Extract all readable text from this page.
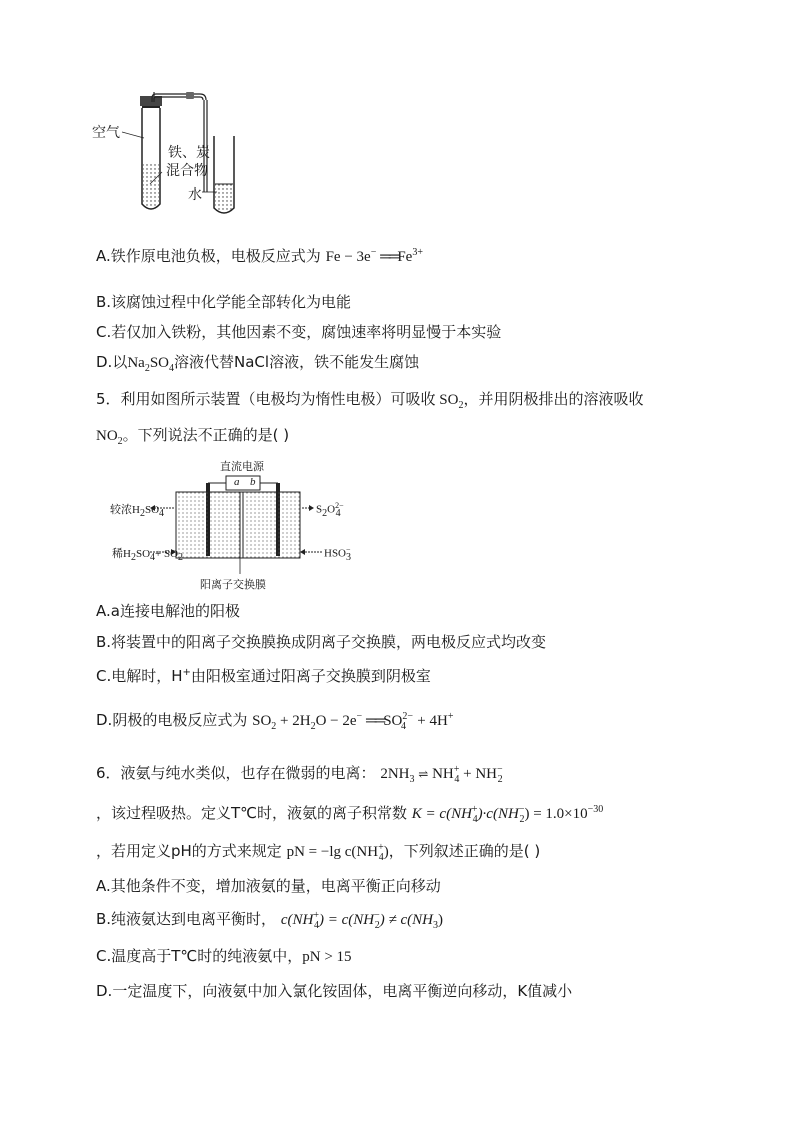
空气
铁、炭
混合物
水
A.铁作原电池负极，电极反应式为 Fe − 3e− $══Fe^{3+}$
B.该腐蚀过程中化学能全部转化为电能
C.若仅加入铁粉，其他因素不变，腐蚀速率将明显慢于本实验
D.以$Na_2SO_4$溶液代替NaCl溶液，铁不能发生腐蚀
5．利用如图所示装置（电极均为惰性电极）可吸收 $SO_2$，并用阴极排出的溶液吸收
$NO_2$。下列说法不正确的是( )
直流电源
a b
较浓$H_2SO_4$
稀$H_2SO_4+ SO_2$
$S_2O^{2-}_4$
$HSO_3^-$
阳离子交换膜
A.a连接电解池的阳极
B.将装置中的阳离子交换膜换成阴离子交换膜，两电极反应式均改变
C.电解时，H+由阳极室通过阳离子交换膜到阴极室
D.阴极的电极反应式为 $SO_2 + 2H_2O - 2e^-$ $══SO^{2-}_4 + 4H^+$
6．液氨与纯水类似，也存在微弱的电离： $2NH_3$ ⇌ $NH^+_4 + NH^-_2$
，该过程吸热。定义T℃时，液氨的离子积常数 $K = c(NH^+_4)\cdot c(NH^-_2) = 1.0\times 10^{-30}$
，若用定义pH的方式来规定 pN = −lg $c(NH^+_4)$，下列叙述正确的是( )
A.其他条件不变，增加液氨的量，电离平衡正向移动
B.纯液氨达到电离平衡时， $c(NH^+_4) = c(NH^-_2) \ne c(NH_3)$
C.温度高于T℃时的纯液氨中，pN > 15
D.一定温度下，向液氨中加入氯化铵固体，电离平衡逆向移动，K值减小
